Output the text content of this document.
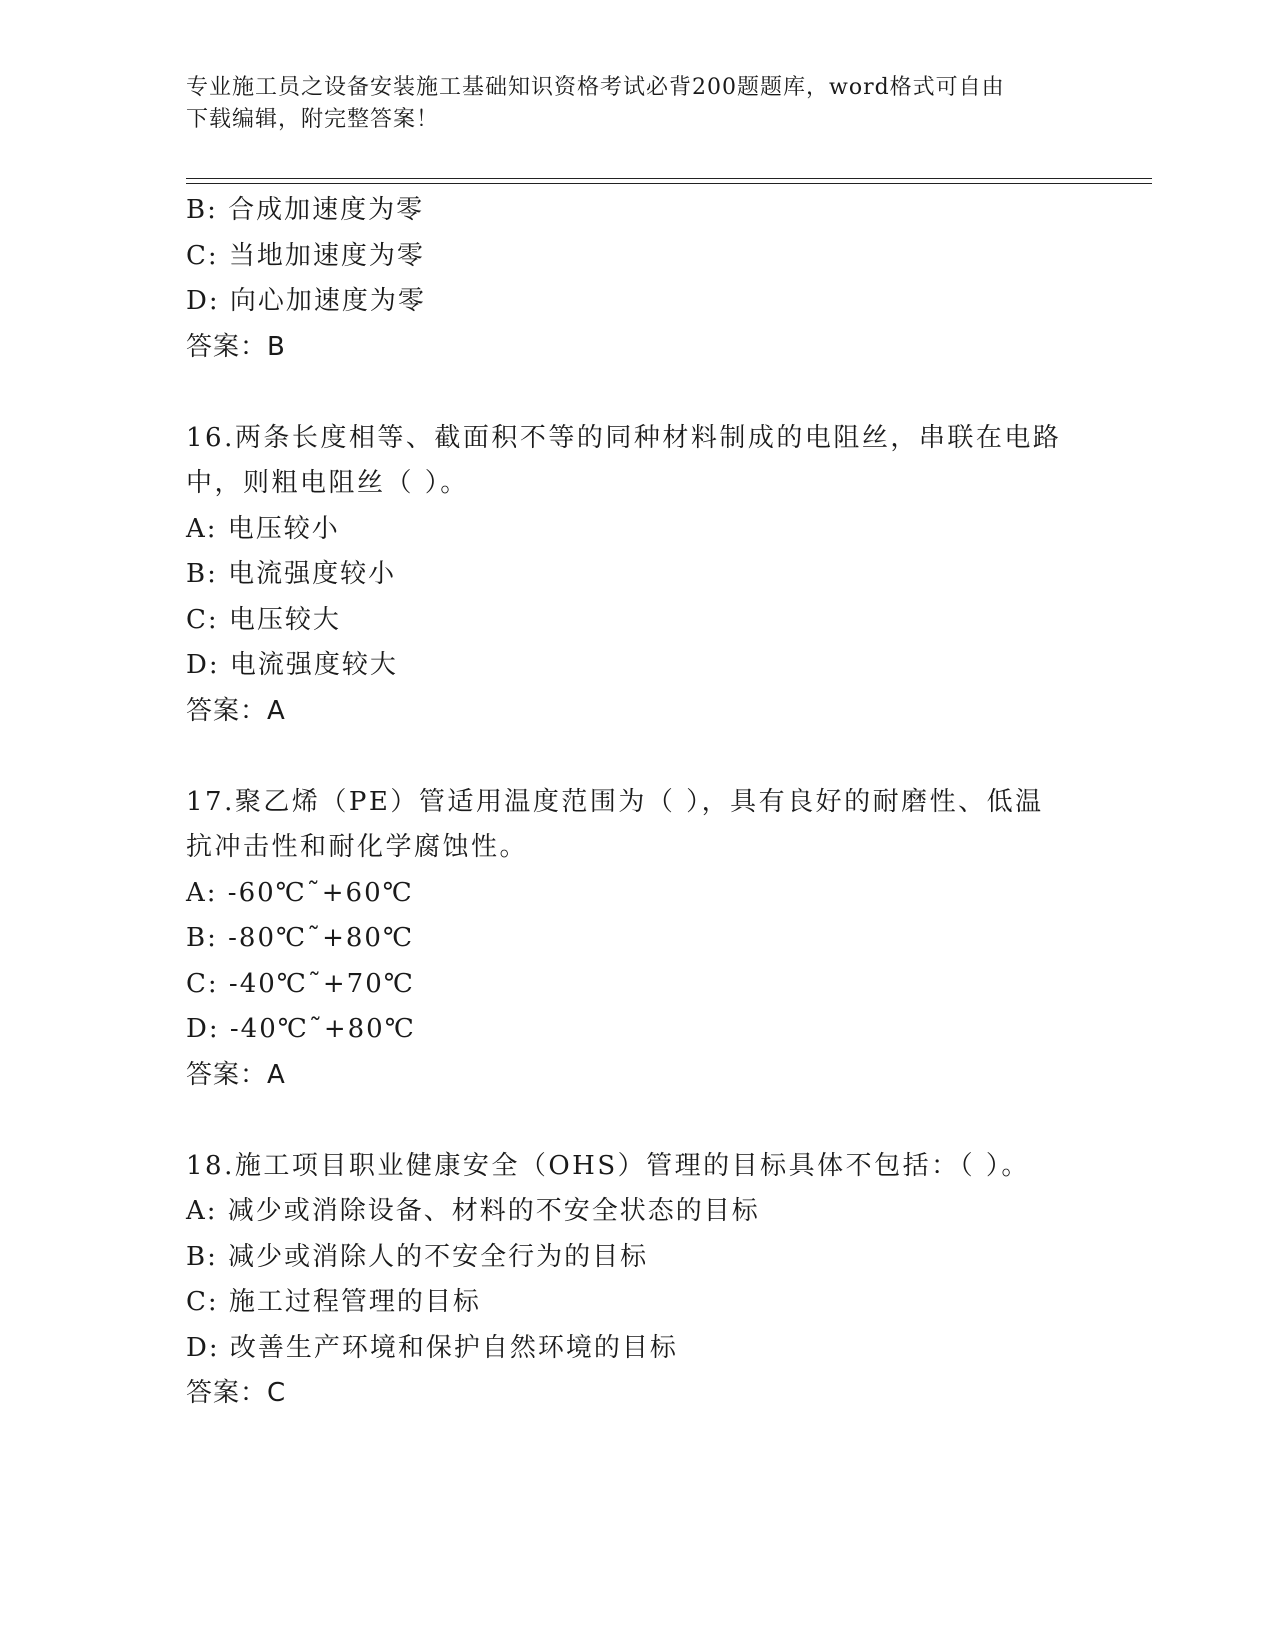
专业施工员之设备安装施工基础知识资格考试必背200题题库，word格式可自由
下载编辑，附完整答案！
B: 合成加速度为零
C: 当地加速度为零
D: 向心加速度为零
答案：B
16.两条长度相等、截面积不等的同种材料制成的电阻丝，串联在电路
中，则粗电阻丝（ ）。
A: 电压较小
B: 电流强度较小
C: 电压较大
D: 电流强度较大
答案：A
17.聚乙烯（PE）管适用温度范围为（ ），具有良好的耐磨性、低温
抗冲击性和耐化学腐蚀性。
A: -60℃˜+60℃
B: -80℃˜+80℃
C: -40℃˜+70℃
D: -40℃˜+80℃
答案：A
18.施工项目职业健康安全（OHS）管理的目标具体不包括：（ ）。
A: 减少或消除设备、材料的不安全状态的目标
B: 减少或消除人的不安全行为的目标
C: 施工过程管理的目标
D: 改善生产环境和保护自然环境的目标
答案：C
